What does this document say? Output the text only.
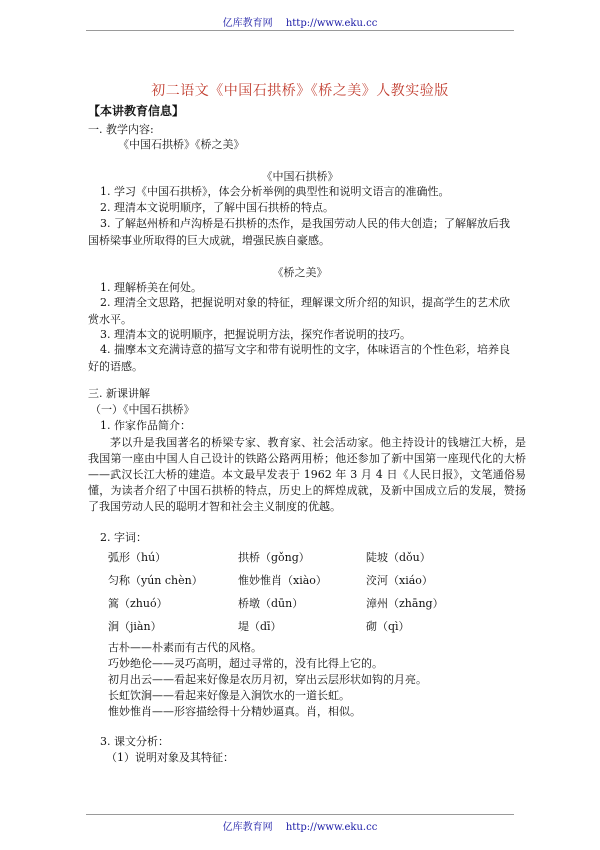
亿库教育网　 http://www.eku.cc
初二语文《中国石拱桥》《桥之美》人教实验版
【本讲教育信息】
一. 教学内容:
《中国石拱桥》《桥之美》
《中国石拱桥》
1. 学习《中国石拱桥》，体会分析举例的典型性和说明文语言的准确性。
2. 理清本文说明顺序，了解中国石拱桥的特点。
3. 了解赵州桥和卢沟桥是石拱桥的杰作，是我国劳动人民的伟大创造；了解解放后我国桥梁事业所取得的巨大成就，增强民族自豪感。
《桥之美》
1. 理解桥美在何处。
2. 理清全文思路，把握说明对象的特征，理解课文所介绍的知识，提高学生的艺术欣赏水平。
3. 理清本文的说明顺序，把握说明方法，探究作者说明的技巧。
4. 揣摩本文充满诗意的描写文字和带有说明性的文字，体味语言的个性色彩，培养良好的语感。
三. 新课讲解
（一）《中国石拱桥》
1. 作家作品简介：
茅以升是我国著名的桥梁专家、教育家、社会活动家。他主持设计的钱塘江大桥，是我国第一座由中国人自己设计的铁路公路两用桥；他还参加了新中国第一座现代化的大桥——武汉长江大桥的建造。本文最早发表于 1962 年 3 月 4 日《人民日报》，文笔通俗易懂，为读者介绍了中国石拱桥的特点，历史上的辉煌成就，及新中国成立后的发展，赞扬了我国劳动人民的聪明才智和社会主义制度的优越。
2. 字词：
弧形（hú）	拱桥（gǒng）	陡坡（dǒu）
匀称（yún chèn）	惟妙惟肖（xiào）	洨河（xiáo）
篙（zhuó）	桥墩（dūn）	漳州（zhāng）
涧（jiàn）	堤（dī）	砌（qì）
古朴——朴素而有古代的风格。
巧妙绝伦——灵巧高明，超过寻常的，没有比得上它的。
初月出云——看起来好像是农历月初，穿出云层形状如钩的月亮。
长虹饮涧——看起来好像是入涧饮水的一道长虹。
惟妙惟肖——形容描绘得十分精妙逼真。肖，相似。
3. 课文分析：
（1）说明对象及其特征：
亿库教育网　 http://www.eku.cc
